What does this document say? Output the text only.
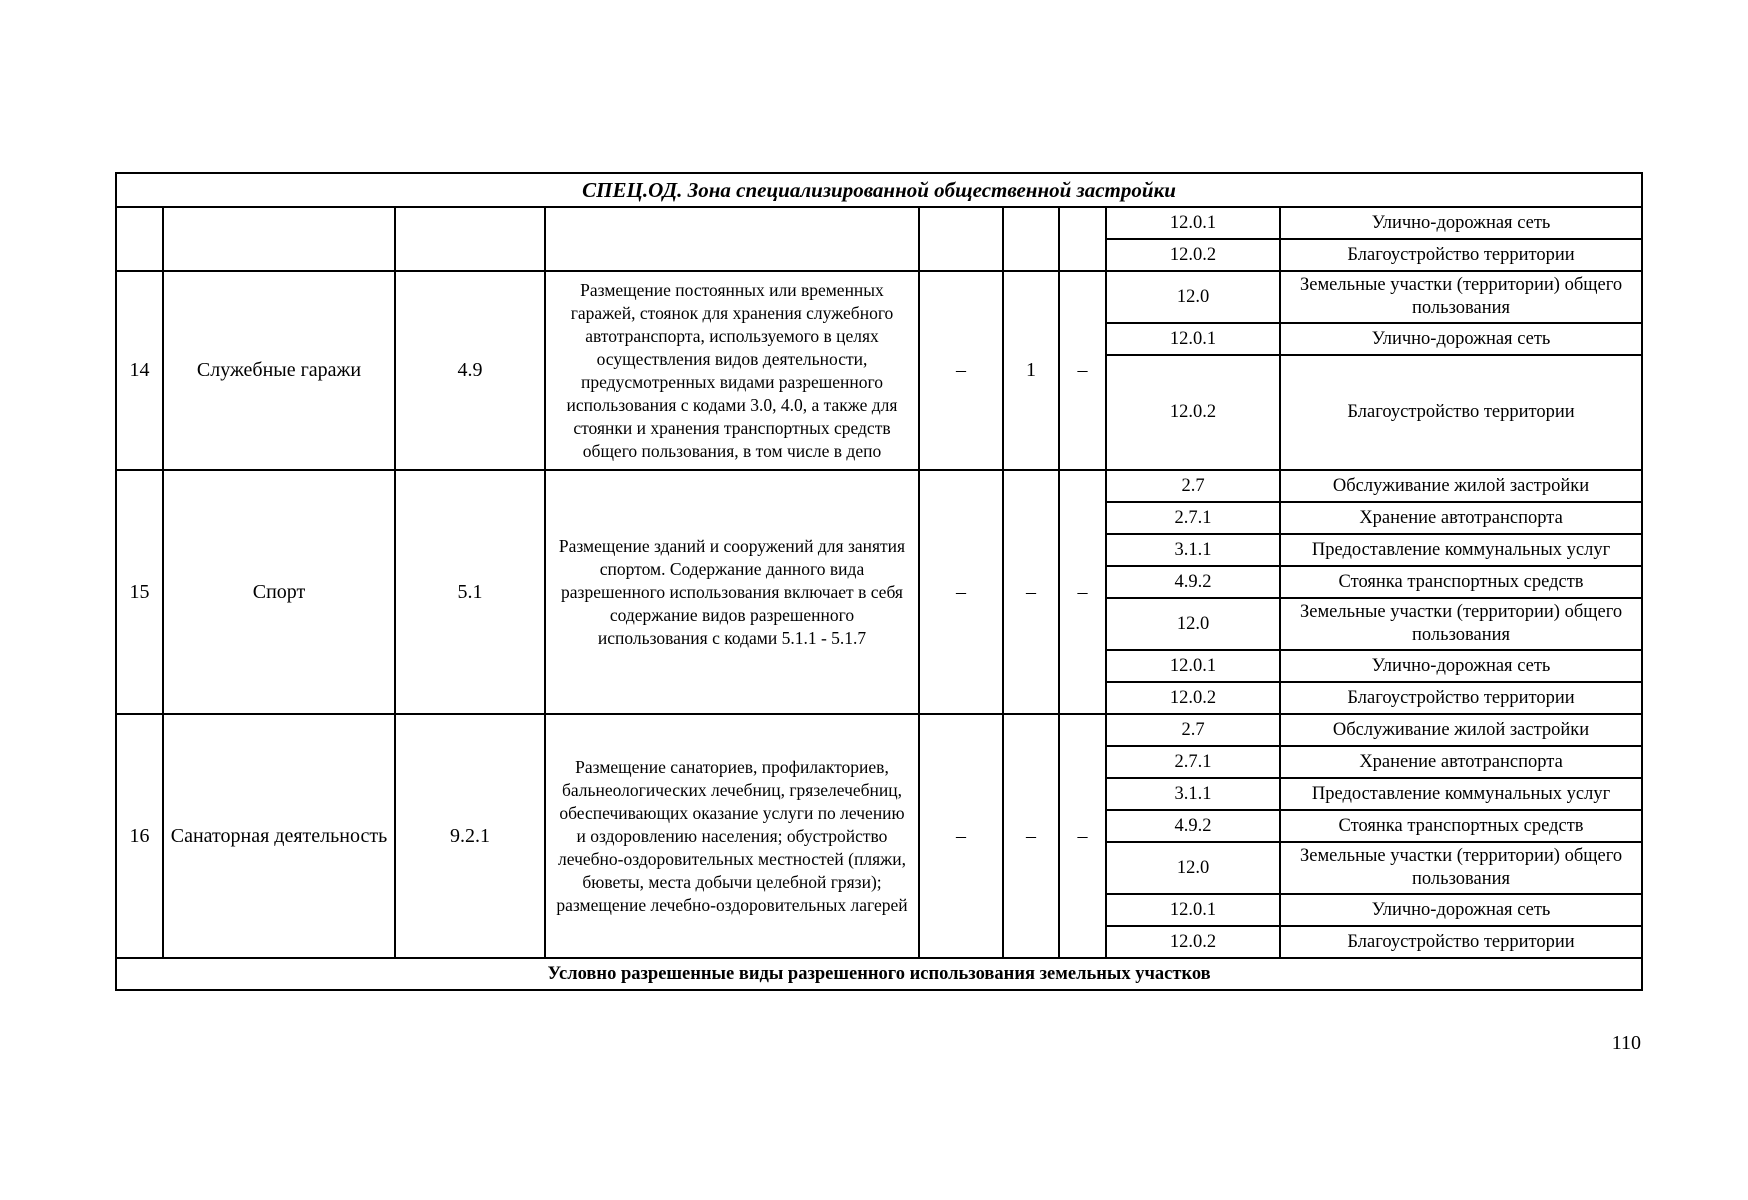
СПЕЦ.ОД. Зона специализированной общественной застройки								
							12.0.1	Улично-дорожная сеть
							12.0.2	Благоустройство территории
14	Служебные гаражи	4.9	Размещение постоянных или временных гаражей, стоянок для хранения служебного автотранспорта, используемого в целях осуществления видов деятельности, предусмотренных видами разрешенного использования с кодами 3.0, 4.0, а также для стоянки и хранения транспортных средств общего пользования, в том числе в депо	–	1	–	12.0	Земельные участки (территории) общего пользования
							12.0.1	Улично-дорожная сеть
							12.0.2	Благоустройство территории
15	Спорт	5.1	Размещение зданий и сооружений для занятия спортом. Содержание данного вида разрешенного использования включает в себя содержание видов разрешенного использования с кодами 5.1.1 - 5.1.7	–	–	–	2.7	Обслуживание жилой застройки
							2.7.1	Хранение автотранспорта
							3.1.1	Предоставление коммунальных услуг
							4.9.2	Стоянка транспортных средств
							12.0	Земельные участки (территории) общего пользования
							12.0.1	Улично-дорожная сеть
							12.0.2	Благоустройство территории
16	Санаторная деятельность	9.2.1	Размещение санаториев, профилакториев, бальнеологических лечебниц, грязелечебниц, обеспечивающих оказание услуги по лечению и оздоровлению населения; обустройство лечебно-оздоровительных местностей (пляжи, бюветы, места добычи целебной грязи); размещение лечебно-оздоровительных лагерей	–	–	–	2.7	Обслуживание жилой застройки
							2.7.1	Хранение автотранспорта
							3.1.1	Предоставление коммунальных услуг
							4.9.2	Стоянка транспортных средств
							12.0	Земельные участки (территории) общего пользования
							12.0.1	Улично-дорожная сеть
							12.0.2	Благоустройство территории
Условно разрешенные виды разрешенного использования земельных участков								
110
